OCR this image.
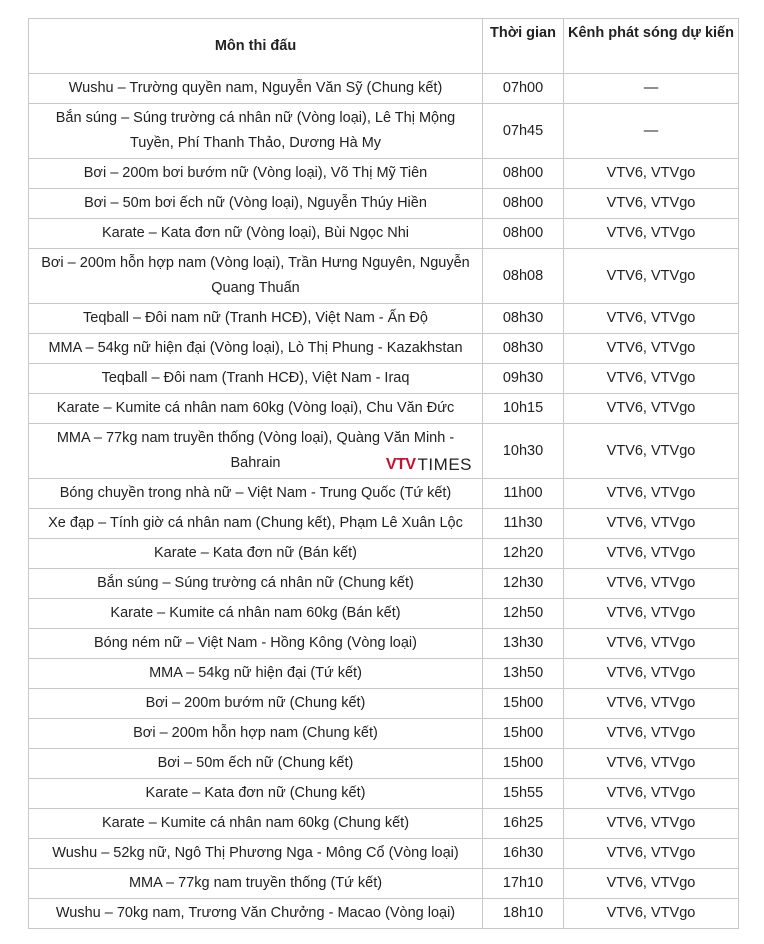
Môn thi đấu	Thời gian	Kênh phát sóng dự kiến
Wushu – Trường quyền nam, Nguyễn Văn Sỹ (Chung kết)	07h00	—
Bắn súng – Súng trường cá nhân nữ (Vòng loại), Lê Thị Mộng Tuyền, Phí Thanh Thảo, Dương Hà My	07h45	—
Bơi – 200m bơi bướm nữ (Vòng loại), Võ Thị Mỹ Tiên	08h00	VTV6, VTVgo
Bơi – 50m bơi ếch nữ (Vòng loại), Nguyễn Thúy Hiền	08h00	VTV6, VTVgo
Karate – Kata đơn nữ (Vòng loại), Bùi Ngọc Nhi	08h00	VTV6, VTVgo
Bơi – 200m hỗn hợp nam (Vòng loại), Trần Hưng Nguyên, Nguyễn Quang Thuấn	08h08	VTV6, VTVgo
Teqball – Đôi nam nữ (Tranh HCĐ), Việt Nam - Ấn Độ	08h30	VTV6, VTVgo
MMA – 54kg nữ hiện đại (Vòng loại), Lò Thị Phung - Kazakhstan	08h30	VTV6, VTVgo
Teqball – Đôi nam (Tranh HCĐ), Việt Nam - Iraq	09h30	VTV6, VTVgo
Karate – Kumite cá nhân nam 60kg (Vòng loại), Chu Văn Đức	10h15	VTV6, VTVgo
MMA – 77kg nam truyền thống (Vòng loại), Quàng Văn Minh - Bahrain VTV TIMES	10h30	VTV6, VTVgo
Bóng chuyền trong nhà nữ – Việt Nam - Trung Quốc (Tứ kết)	11h00	VTV6, VTVgo
Xe đạp – Tính giờ cá nhân nam (Chung kết), Phạm Lê Xuân Lộc	11h30	VTV6, VTVgo
Karate – Kata đơn nữ (Bán kết)	12h20	VTV6, VTVgo
Bắn súng – Súng trường cá nhân nữ (Chung kết)	12h30	VTV6, VTVgo
Karate – Kumite cá nhân nam 60kg (Bán kết)	12h50	VTV6, VTVgo
Bóng ném nữ – Việt Nam - Hồng Kông (Vòng loại)	13h30	VTV6, VTVgo
MMA – 54kg nữ hiện đại (Tứ kết)	13h50	VTV6, VTVgo
Bơi – 200m bướm nữ (Chung kết)	15h00	VTV6, VTVgo
Bơi – 200m hỗn hợp nam (Chung kết)	15h00	VTV6, VTVgo
Bơi – 50m ếch nữ (Chung kết)	15h00	VTV6, VTVgo
Karate – Kata đơn nữ (Chung kết)	15h55	VTV6, VTVgo
Karate – Kumite cá nhân nam 60kg (Chung kết)	16h25	VTV6, VTVgo
Wushu – 52kg nữ, Ngô Thị Phương Nga - Mông Cổ (Vòng loại)	16h30	VTV6, VTVgo
MMA – 77kg nam truyền thống (Tứ kết)	17h10	VTV6, VTVgo
Wushu – 70kg nam, Trương Văn Chưởng - Macao (Vòng loại)	18h10	VTV6, VTVgo
